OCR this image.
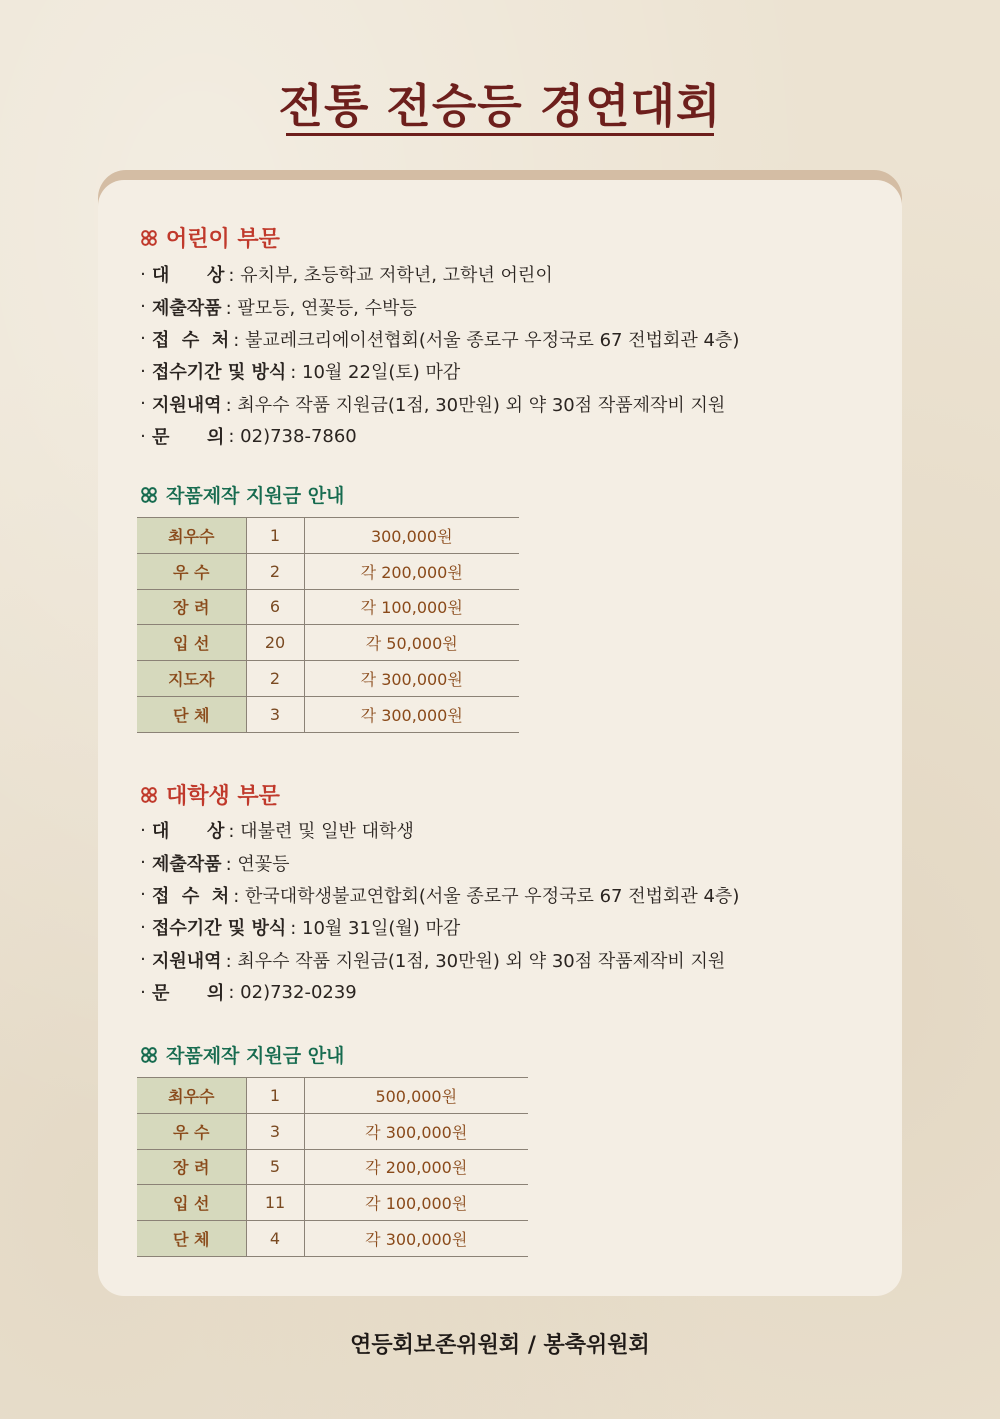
전통 전승등 경연대회
어린이 부문
· 대      상 : 유치부, 초등학교 저학년, 고학년 어린이
· 제출작품 : 팔모등, 연꽃등, 수박등
· 접  수  처 : 불교레크리에이션협회(서울 종로구 우정국로 67 전법회관 4층)
· 접수기간 및 방식 : 10월 22일(토) 마감
· 지원내역 : 최우수 작품 지원금(1점, 30만원) 외 약 30점 작품제작비 지원
· 문      의 : 02)738-7860
작품제작 지원금 안내
최우수	1	300,000원
우 수	2	각 200,000원
장 려	6	각 100,000원
입 선	20	각 50,000원
지도자	2	각 300,000원
단 체	3	각 300,000원
대학생 부문
· 대      상 : 대불련 및 일반 대학생
· 제출작품 : 연꽃등
· 접  수  처 : 한국대학생불교연합회(서울 종로구 우정국로 67 전법회관 4층)
· 접수기간 및 방식 : 10월 31일(월) 마감
· 지원내역 : 최우수 작품 지원금(1점, 30만원) 외 약 30점 작품제작비 지원
· 문      의 : 02)732-0239
작품제작 지원금 안내
최우수	1	500,000원
우 수	3	각 300,000원
장 려	5	각 200,000원
입 선	11	각 100,000원
단 체	4	각 300,000원
연등회보존위원회 / 봉축위원회
